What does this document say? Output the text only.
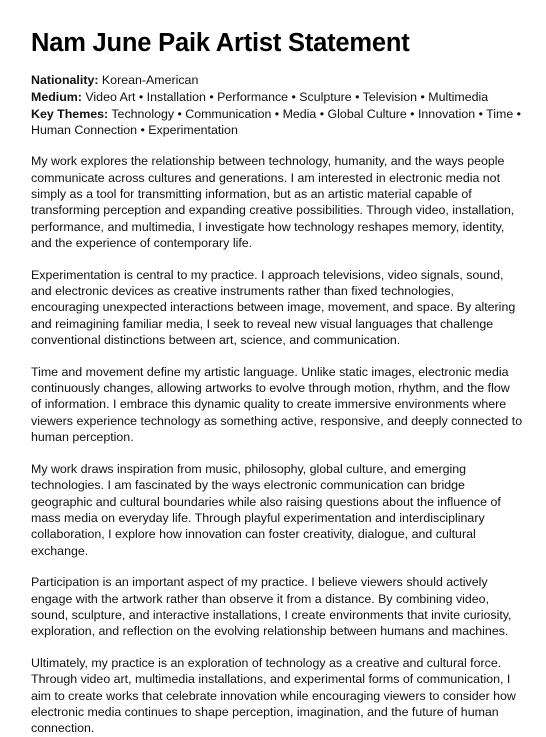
Nam June Paik Artist Statement

Nationality: Korean-American

Medium: Video Art • Installation • Performance • Sculpture • Television • Multimedia

Key Themes: Technology • Communication • Media • Global Culture • Innovation • Time • Human Connection • Experimentation

My work explores the relationship between technology, humanity, and the ways people communicate across cultures and generations. I am interested in electronic media not simply as a tool for transmitting information, but as an artistic material capable of transforming perception and expanding creative possibilities. Through video, installation, performance, and multimedia, I investigate how technology reshapes memory, identity, and the experience of contemporary life.

Experimentation is central to my practice. I approach televisions, video signals, sound, and electronic devices as creative instruments rather than fixed technologies, encouraging unexpected interactions between image, movement, and space. By altering and reimagining familiar media, I seek to reveal new visual languages that challenge conventional distinctions between art, science, and communication.

Time and movement define my artistic language. Unlike static images, electronic media continuously changes, allowing artworks to evolve through motion, rhythm, and the flow of information. I embrace this dynamic quality to create immersive environments where viewers experience technology as something active, responsive, and deeply connected to human perception.

My work draws inspiration from music, philosophy, global culture, and emerging technologies. I am fascinated by the ways electronic communication can bridge geographic and cultural boundaries while also raising questions about the influence of mass media on everyday life. Through playful experimentation and interdisciplinary collaboration, I explore how innovation can foster creativity, dialogue, and cultural exchange.

Participation is an important aspect of my practice. I believe viewers should actively engage with the artwork rather than observe it from a distance. By combining video, sound, sculpture, and interactive installations, I create environments that invite curiosity, exploration, and reflection on the evolving relationship between humans and machines.

Ultimately, my practice is an exploration of technology as a creative and cultural force. Through video art, multimedia installations, and experimental forms of communication, I aim to create works that celebrate innovation while encouraging viewers to consider how electronic media continues to shape perception, imagination, and the future of human connection.
